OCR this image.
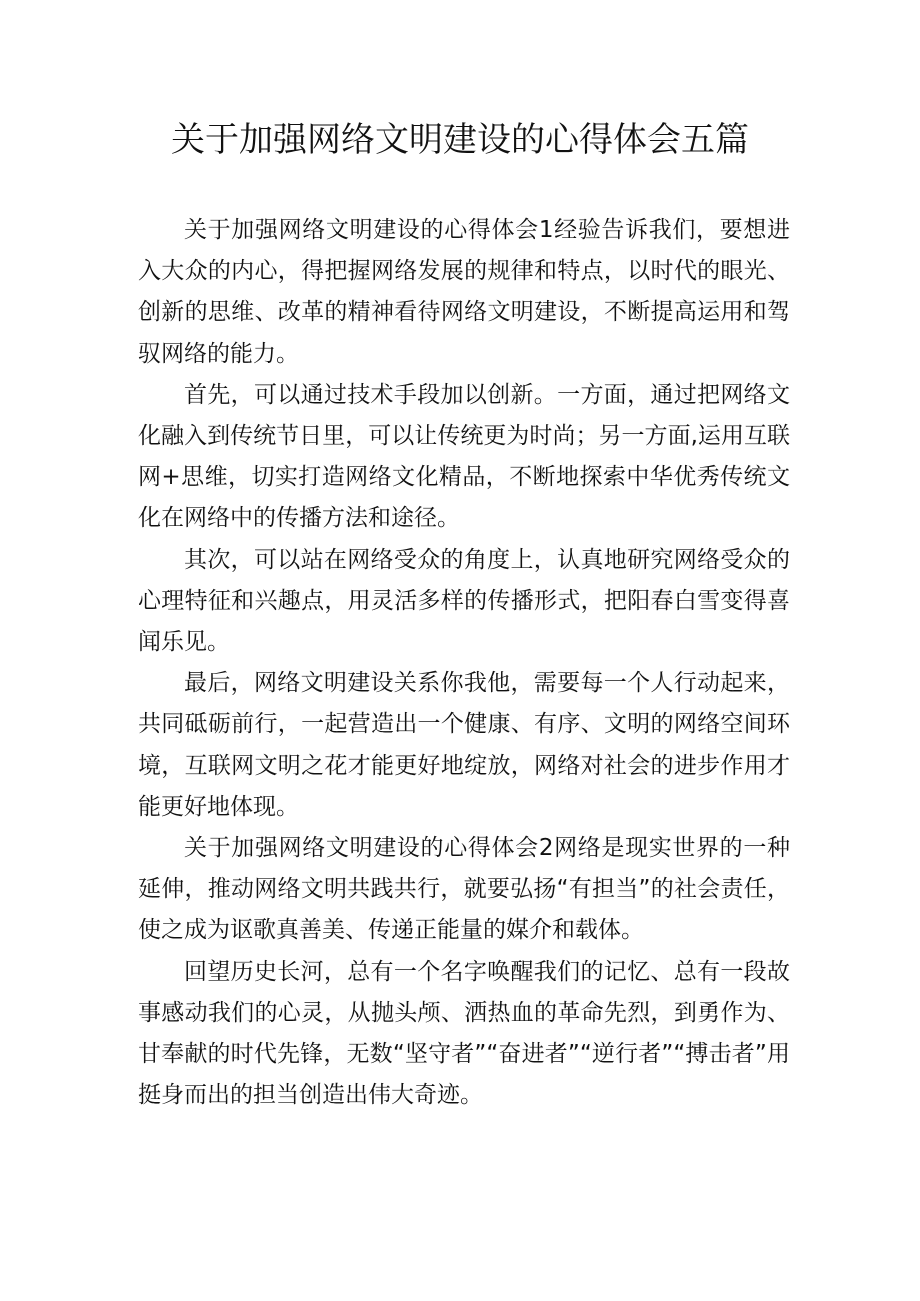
关于加强网络文明建设的心得体会五篇

关于加强网络文明建设的心得体会1经验告诉我们，要想进入大众的内心，得把握网络发展的规律和特点，以时代的眼光、创新的思维、改革的精神看待网络文明建设，不断提高运用和驾驭网络的能力。

首先，可以通过技术手段加以创新。一方面，通过把网络文化融入到传统节日里，可以让传统更为时尚；另一方面,运用互联网+思维，切实打造网络文化精品，不断地探索中华优秀传统文化在网络中的传播方法和途径。

其次，可以站在网络受众的角度上，认真地研究网络受众的心理特征和兴趣点，用灵活多样的传播形式，把阳春白雪变得喜闻乐见。

最后，网络文明建设关系你我他，需要每一个人行动起来，共同砥砺前行，一起营造出一个健康、有序、文明的网络空间环境，互联网文明之花才能更好地绽放，网络对社会的进步作用才能更好地体现。

关于加强网络文明建设的心得体会2网络是现实世界的一种延伸，推动网络文明共践共行，就要弘扬“有担当”的社会责任，使之成为讴歌真善美、传递正能量的媒介和载体。

回望历史长河，总有一个名字唤醒我们的记忆、总有一段故事感动我们的心灵，从抛头颅、洒热血的革命先烈，到勇作为、甘奉献的时代先锋，无数“坚守者”“奋进者”“逆行者”“搏击者”用挺身而出的担当创造出伟大奇迹。
